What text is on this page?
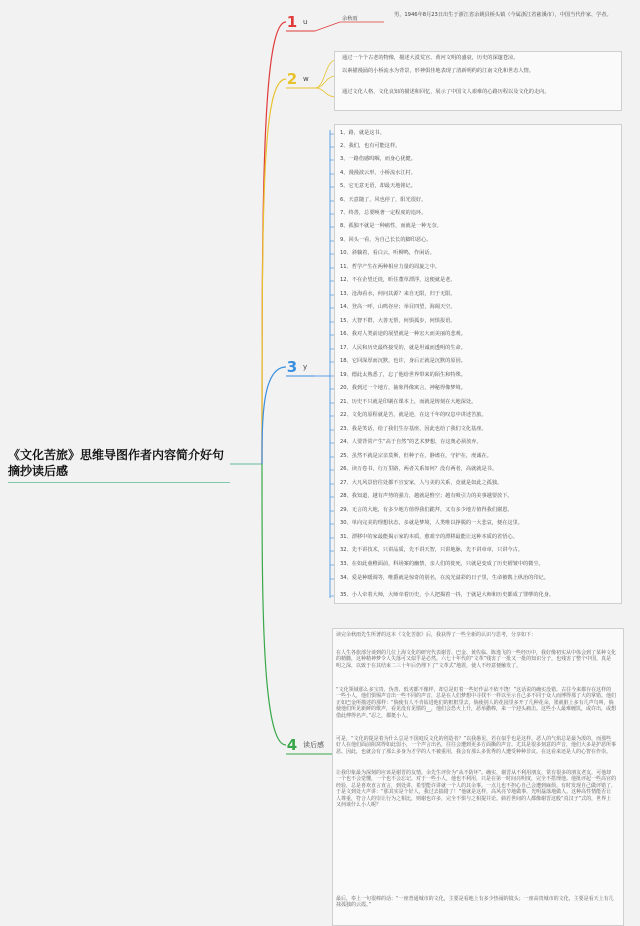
《文化苦旅》思维导图作者内容简介好句摘抄读后感
1 u
2 w
3 y
4 读后感
余秋雨
男，1946年8月23日出生于浙江省余姚县桥头镇（今属浙江省慈溪市），中国当代作家、学者。
通过一个个古老的物像，描述大漠荒宫、黄河文明的盛衰，历史的深邃苍凉。
以素描漫涌的小桥流水为背景，形神俱佳地表现了清新明约的江南文化和世态人情。
通过文化人格、文化良知的描述和回忆，展示了中国文人艰难的心路历程以及文化的走向。
1、路，就是这书。
2、我们，也有可能这样。
3、一路伤感呜咽，而身心犹健。
4、漫漫波云形，小桥流水江村。
5、它无意无语，却最天地铭记。
6、天意随了，风也停了，阳光很好。
7、终善，总要唤著一定程度的追环。
8、孤独不就是一种痛性，而就是一种无奈。
9、回头一看，为自己长长的脚印恶心。
10、斜躺着，看白云，听柳鸣，作闲话。
11、哲学产生在两种相应力量的周旋之中。
12、不在企望迁徙，昕住董草漂浮，这便就是老。
13、沧海看水，何问其源？来自无限，归于无限。
14、登高一呼，山鸣谷应；举目四望，海阔天空。
15、大智不群，大善无帮，何惧孤步，何惧报语。
16、我对人类前途的展望就是一种宏大而美丽的悲观。
17、人民和历史最终接受的，就是坦诚而透明的生命。
18、它回深厚而沉默，也许，身后正就是沉默的原因。
19、德此太熟悉了，忘了他给世界带来的陌生和特殊。
20、我到过一个地方，抽象得像寓言，神秘得像梦境。
21、历史不只就是印刷在课本上，而就是铸刻在大地深处。
22、文化的原程就是苦，就是逆，在这千年的叹息中讲述苦旅。
23、我是笑话，给了我们生存基座，因此也给了我们文化基座。
24、人要背常产生“高于自然”的艺术梦想，存这奥必须放弃。
25、虽然不就是宗亲莫斯，但种子在，静谧在，守护在，虔诚在。
26、读万卷书，行万里路，两者关系如何？没有两者，高就就是书。
27、大凡风景倍往处都不宣安家，人与美的关系，竟就是如此之孤独。
28、我知道，越有声势的强力，越就是惟空；越有吸引力的美事越要放下。
29、无言的大地，有多少地方值得我们跪拜，又有多少地方值得我们谢恩。
30、单向完美的理想状态，多就是梦境，人类唯以挣脱的一大悲哀，便在这里。
31、漂移中的家最能揭示家的本质，愈艰辛的漂移最能让这种本质的省悟心。
32、先不讲技术，只讲品质，先不讲天智，只讲地脉，先不讲章章，只讲今古。
33、在如此童稚面前，科场案的幽禁，亲人们的徙死，只就是变成了历史褶皱中的微尘。
34、爱是种暖调等，唯爵就是惊奇的别名，在流光溢彩的日子里，生命被镌上纵治的印记。
35、小人牵着大师，大师牵着历史，小人把揭着一抖，于就是大师和历史都成了罪孽的化身。
读完余秋雨先生所著的这本《文化苦旅》后，我获得了一些全新的认识与思考，分享如下：
在人生各旅部分谈到的几位上海文化的研究代表谢晋、巴金、黄佐临、陈逸飞的一些经历中，我好像初实从中体会到了某种文化的精髓，这种精神梦令人失落可又似乎是必然。六七十年代的“文革”残害了一批又一批的知识分子，也残害了整个中国，真是明之深，以致于在其结束二三十年后仍埋下了“文革式”地震，使人不经意便触发了。
“文化领域那么多宝贵、伪善、低劣都不像样，却总是盯着一些好作品不依不饶！”这话说的确实没错，古往今来都存在这样的一些小人，他们惧惕声音出一些不同的声音，总是在人们梦想中寻找不一样以至示自己多不同于众人而博得那了大的掌错。他们正如巴金所描述的那样：“倘使有人不肯钻进他们的框框里去，倘使别人的花园里多开了几种花朵，墨就脏上多有几声鸟叫，倘使他们所见新鲜的歌声，看见没有见惯的__，他们会恐火上升，恶举撒棒，来一个迎头痛击。这些小人最难缠饥，或许出，或想借此傅得名声。”忍之，都挺小人。
可是，“文化的提是着为什么总是不国庭反文化的创造者？”以我愚见，若在似乎也是这样。恶人的气焰总是最为泼的，而那些好人在他们面前阻窝得如此弱小，一个声言出名，往往会遭到更多方面撕的声音。尤其是很多刻意的声音，他们大多是护恶所事恶。因此，也就会有了那么多身为才学的人不被重用，我会有那么多优秀的人遭受种种非议。在这看来还是人的心智在作祟。
让我印象最为深刻的应该是谢晋的友情。余先生评价为“从不防坏”。确实，谢晋从不利用朋友，常有很多的朋友老友，可他却一个也不会觉懂，一个也不会忘记。对于一些小人，他也不利用，只是在第一时间亮明度，完全不搭理他。他批评起一些高官的经验，总是喜欢直言直言，到处讲，希望能许讲就一个人的其余事。一点儿也不担心自己会遭到麻烦。有时发现自己做评错了，于是文到处大声讲：“那其实是个好人，我过去搞错了！”他就是这样，高风亮节地做事，光明磊落地做人。这种高性情能否让人尊重，符合人的崇让行为之相比，则谢也许多，完全不惧与之相提并论。倘若世间的人都像谢晋这般“真汉子”式的，世界上又何谈什么小人呢？
最后，奉上一句很棒的话：“一座普通城市的文化，主要是看地上有多少热闹的镜头；一座高贵城市的文化，主要是看天上有几抹孤独的云霞。”
